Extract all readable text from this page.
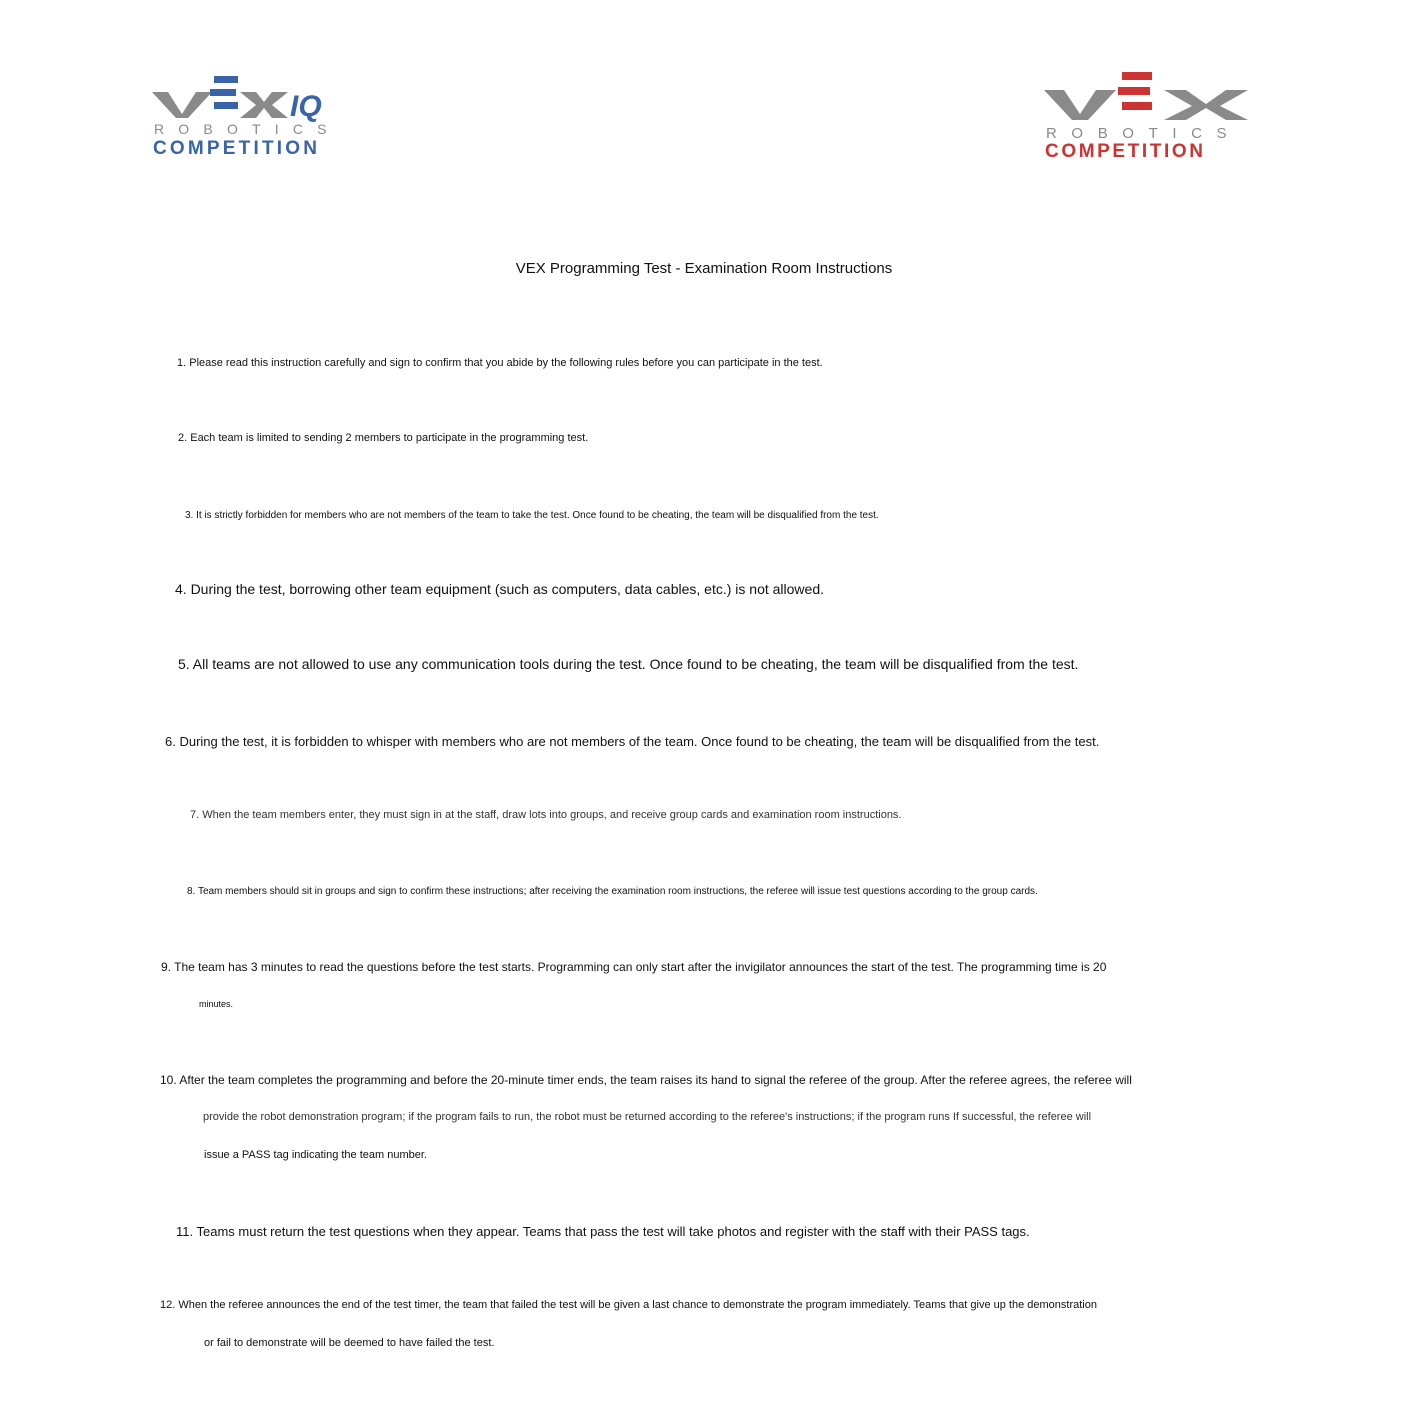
IQ
ROBOTICS
COMPETITION
ROBOTICS
COMPETITION
VEX Programming Test - Examination Room Instructions
1. Please read this instruction carefully and sign to confirm that you abide by the following rules before you can participate in the test.
2. Each team is limited to sending 2 members to participate in the programming test.
3. It is strictly forbidden for members who are not members of the team to take the test. Once found to be cheating, the team will be disqualified from the test.
4. During the test, borrowing other team equipment (such as computers, data cables, etc.) is not allowed.
5. All teams are not allowed to use any communication tools during the test. Once found to be cheating, the team will be disqualified from the test.
6. During the test, it is forbidden to whisper with members who are not members of the team. Once found to be cheating, the team will be disqualified from the test.
7. When the team members enter, they must sign in at the staff, draw lots into groups, and receive group cards and examination room instructions.
8. Team members should sit in groups and sign to confirm these instructions; after receiving the examination room instructions, the referee will issue test questions according to the group cards.
9. The team has 3 minutes to read the questions before the test starts. Programming can only start after the invigilator announces the start of the test. The programming time is 20
minutes.
10. After the team completes the programming and before the 20-minute timer ends, the team raises its hand to signal the referee of the group. After the referee agrees, the referee will
provide the robot demonstration program; if the program fails to run, the robot must be returned according to the referee's instructions; if the program runs If successful, the referee will
issue a PASS tag indicating the team number.
11. Teams must return the test questions when they appear. Teams that pass the test will take photos and register with the staff with their PASS tags.
12. When the referee announces the end of the test timer, the team that failed the test will be given a last chance to demonstrate the program immediately. Teams that give up the demonstration
or fail to demonstrate will be deemed to have failed the test.
